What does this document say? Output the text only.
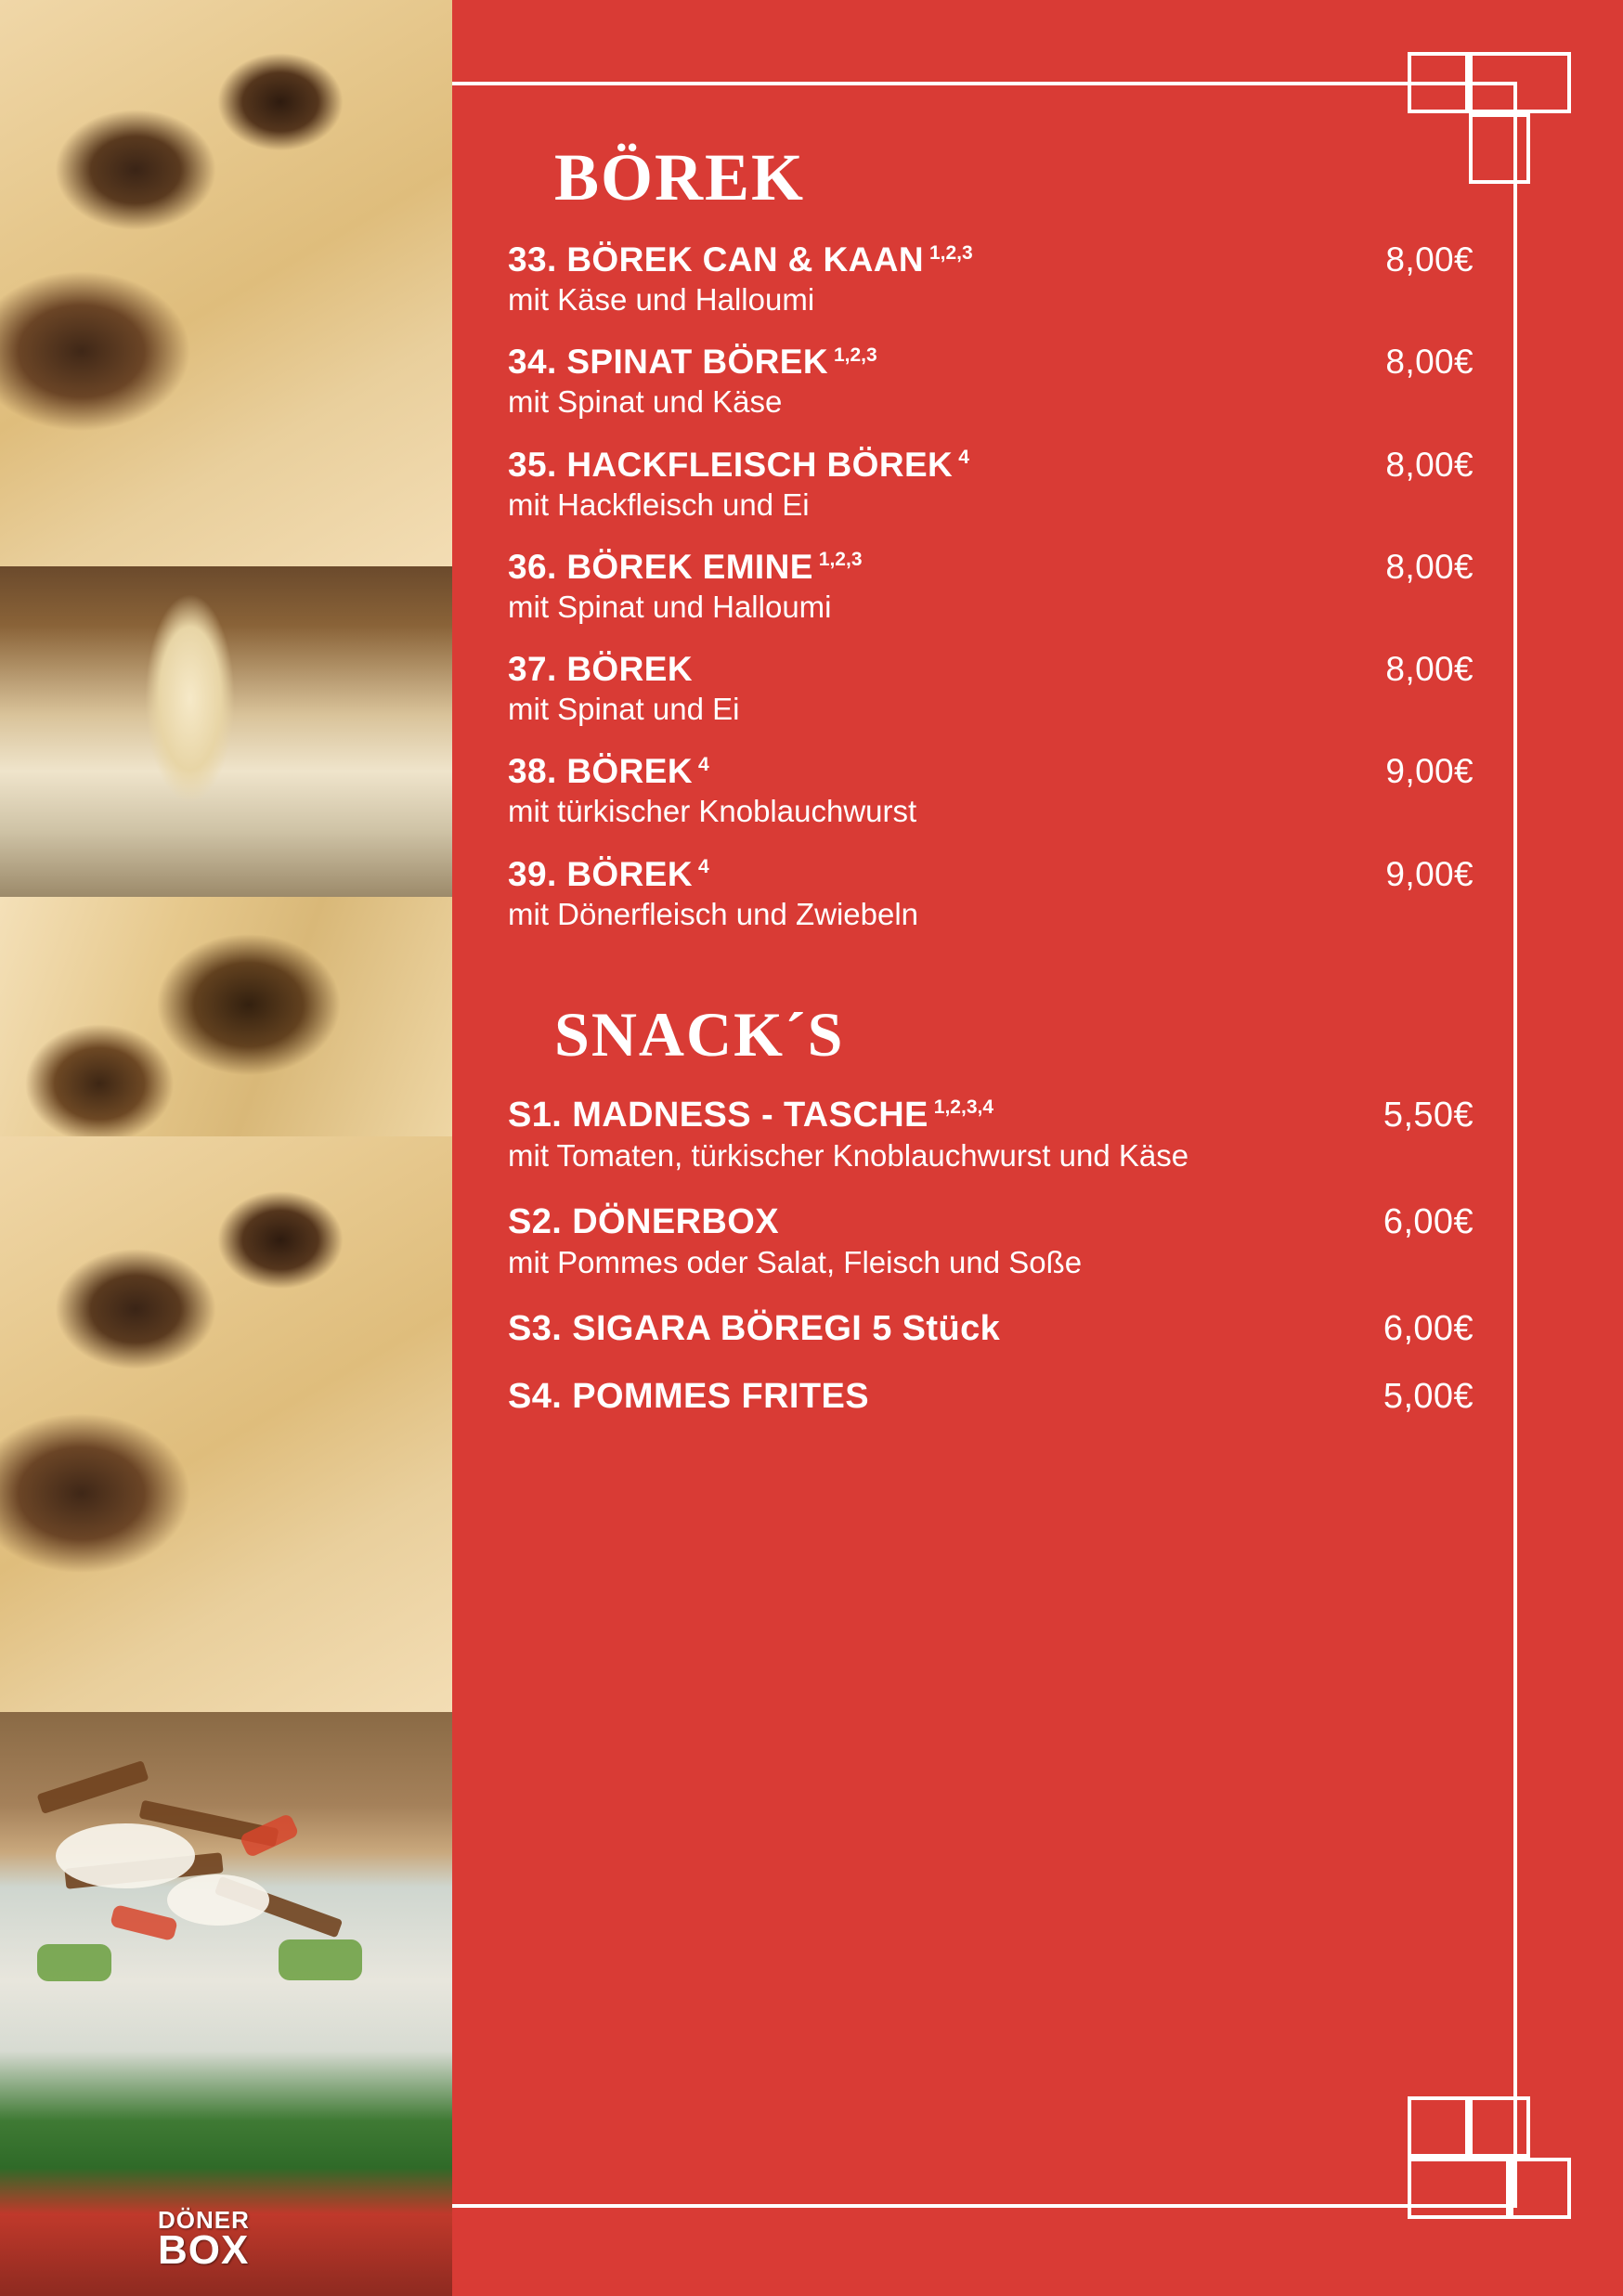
DÖNER
BOX
BÖREK
33. BÖREK CAN & KAAN $^{1,2,3}$	8,00€
mit Käse und Halloumi
34. SPINAT BÖREK $^{1,2,3}$	8,00€
mit Spinat und Käse
35. HACKFLEISCH BÖREK $^4$	8,00€
mit Hackfleisch und Ei
36. BÖREK EMINE $^{1,2,3}$	8,00€
mit Spinat und Halloumi
37. BÖREK	8,00€
mit Spinat und Ei
38. BÖREK $^4$	9,00€
mit türkischer Knoblauchwurst
39. BÖREK $^4$	9,00€
mit Dönerfleisch und Zwiebeln
SNACK´S
S1. MADNESS - TASCHE $^{1,2,3,4}$	5,50€
mit Tomaten, türkischer Knoblauchwurst und Käse
S2. DÖNERBOX	6,00€
mit Pommes oder Salat, Fleisch und Soße
S3. SIGARA BÖREGI 5 Stück	6,00€
S4. POMMES FRITES	5,00€
